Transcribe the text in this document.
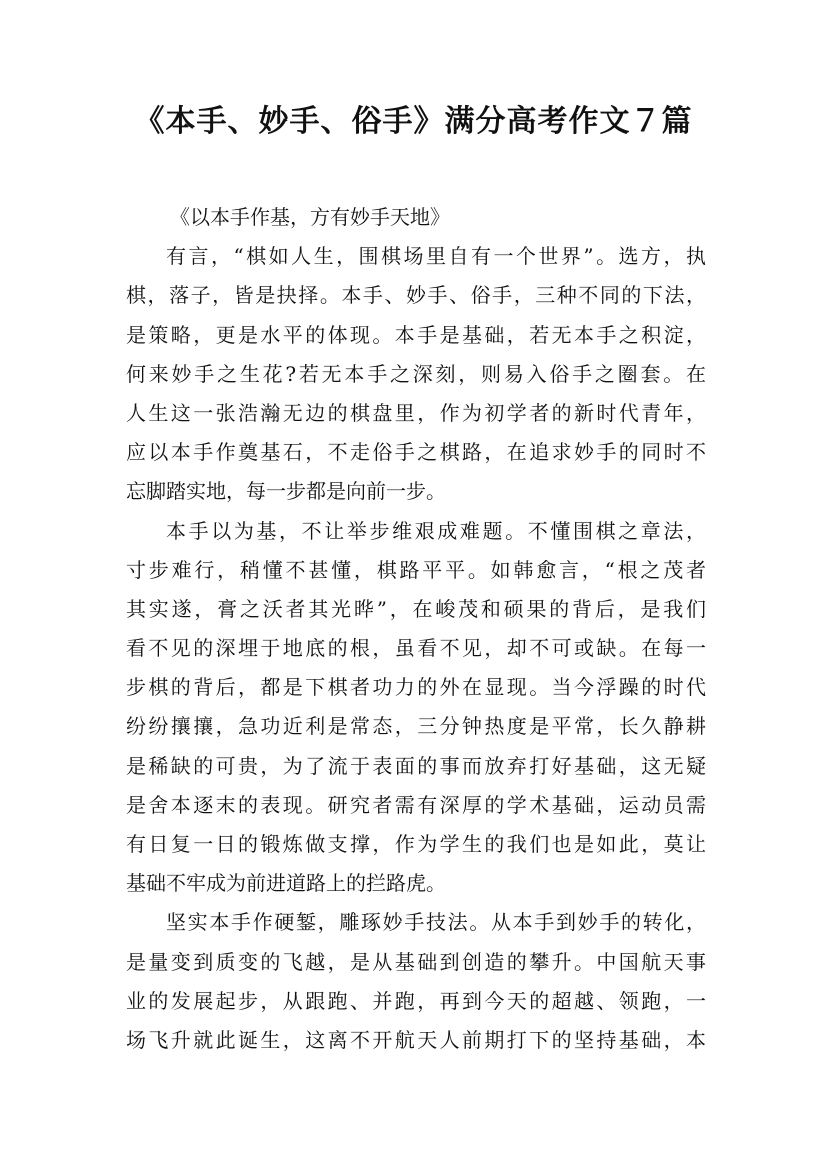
《本手、妙手、俗手》满分高考作文７篇
《以本手作基，方有妙手天地》
有言，“棋如人生，围棋场里自有一个世界”。选方，执
棋，落子，皆是抉择。本手、妙手、俗手，三种不同的下法，
是策略，更是水平的体现。本手是基础，若无本手之积淀，
何来妙手之生花?若无本手之深刻，则易入俗手之圈套。在
人生这一张浩瀚无边的棋盘里，作为初学者的新时代青年，
应以本手作奠基石，不走俗手之棋路，在追求妙手的同时不
忘脚踏实地，每一步都是向前一步。
本手以为基，不让举步维艰成难题。不懂围棋之章法，
寸步难行，稍懂不甚懂，棋路平平。如韩愈言，“根之茂者
其实遂，膏之沃者其光晔”，在峻茂和硕果的背后，是我们
看不见的深埋于地底的根，虽看不见，却不可或缺。在每一
步棋的背后，都是下棋者功力的外在显现。当今浮躁的时代
纷纷攘攘，急功近利是常态，三分钟热度是平常，长久静耕
是稀缺的可贵，为了流于表面的事而放弃打好基础，这无疑
是舍本逐末的表现。研究者需有深厚的学术基础，运动员需
有日复一日的锻炼做支撑，作为学生的我们也是如此，莫让
基础不牢成为前进道路上的拦路虎。
坚实本手作硬錾，雕琢妙手技法。从本手到妙手的转化，
是量变到质变的飞越，是从基础到创造的攀升。中国航天事
业的发展起步，从跟跑、并跑，再到今天的超越、领跑，一
场飞升就此诞生，这离不开航天人前期打下的坚持基础，本
